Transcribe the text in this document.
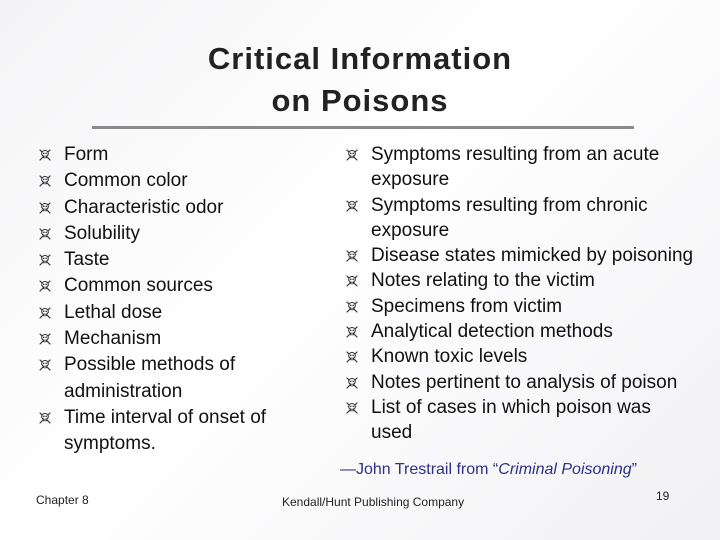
Critical Information
on Poisons
Form
Common color
Characteristic odor
Solubility
Taste
Common sources
Lethal dose
Mechanism
Possible methods of administration
Time interval of onset of symptoms.
Symptoms resulting from an acute exposure
Symptoms resulting from chronic exposure
Disease states mimicked by poisoning
Notes relating to the victim
Specimens from victim
Analytical detection methods
Known toxic levels
Notes pertinent to analysis of poison
List of cases in which poison was used
—John Trestrail from “Criminal Poisoning”
Chapter 8	Kendall/Hunt Publishing Company	19
